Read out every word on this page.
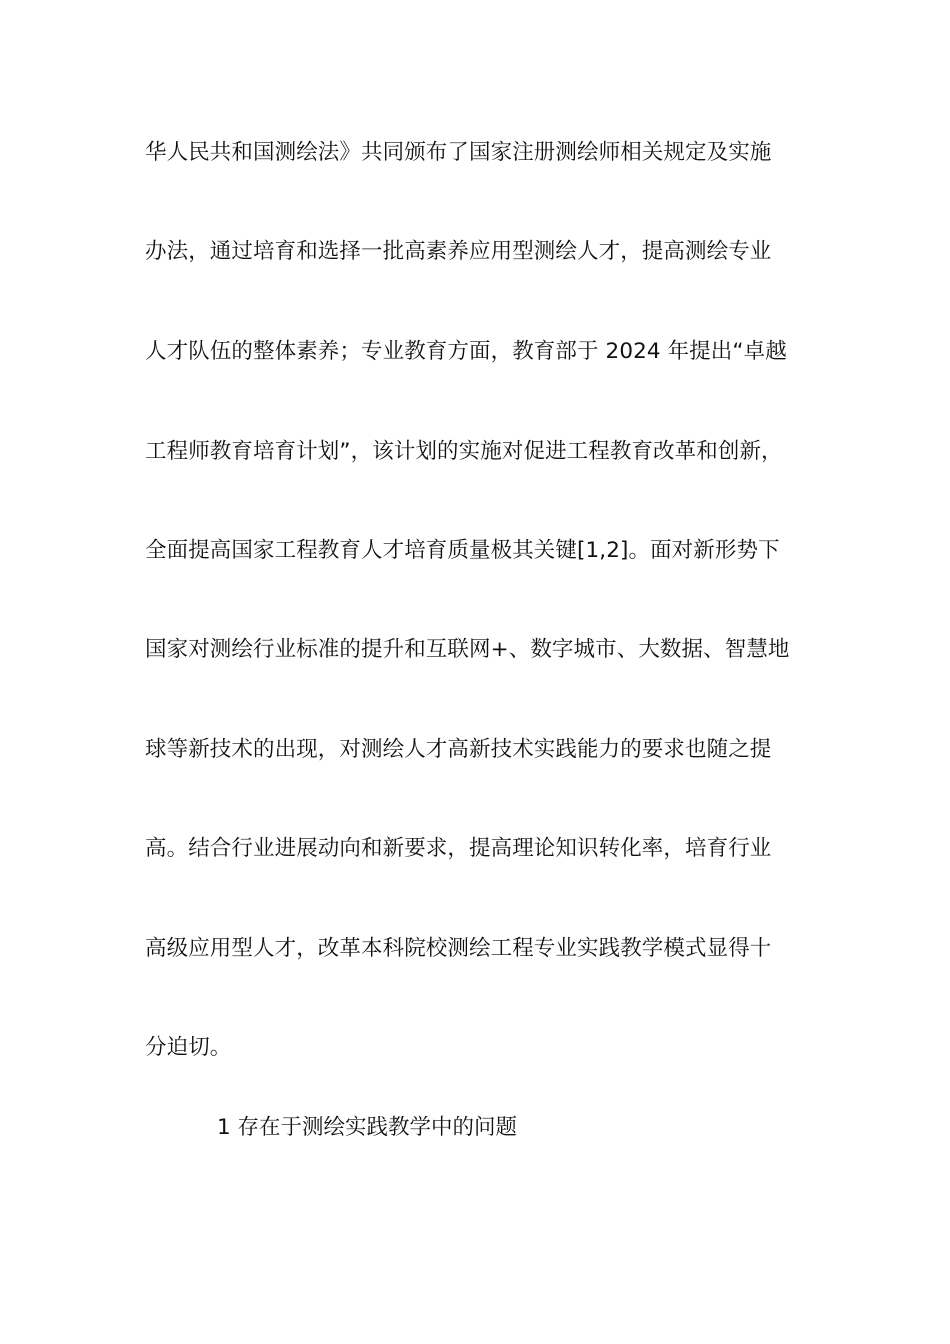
华人民共和国测绘法》共同颁布了国家注册测绘师相关规定及实施
办法，通过培育和选择一批高素养应用型测绘人才，提高测绘专业
人才队伍的整体素养；专业教育方面，教育部于 2024 年提出“卓越
工程师教育培育计划”，该计划的实施对促进工程教育改革和创新，
全面提高国家工程教育人才培育质量极其关键[1,2]。面对新形势下
国家对测绘行业标准的提升和互联网+、数字城市、大数据、智慧地
球等新技术的出现，对测绘人才高新技术实践能力的要求也随之提
高。结合行业进展动向和新要求，提高理论知识转化率，培育行业
高级应用型人才，改革本科院校测绘工程专业实践教学模式显得十
分迫切。
1 存在于测绘实践教学中的问题
